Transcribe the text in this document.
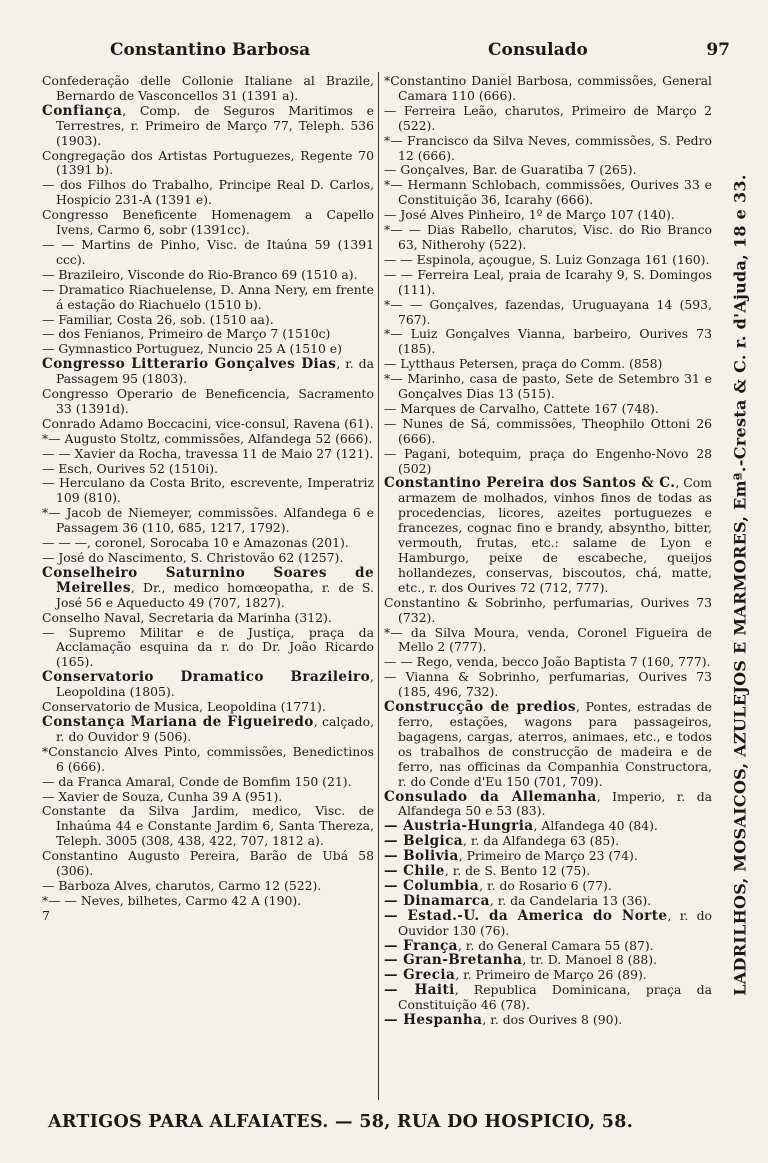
Constantino Barbosa	Consulado	97

Confederação delle Collonie Italiane al Brazile, Bernardo de Vasconcellos 31 (1391 a).

Confiança, Comp. de Seguros Maritimos e Terrestres, r. Primeiro de Março 77, Teleph. 536 (1903).

Congregação dos Artistas Portuguezes, Regente 70 (1391 b).

— dos Filhos do Trabalho, Principe Real D. Carlos, Hospicio 231-A (1391 e).

Congresso Beneficente Homenagem a Capello Ivens, Carmo 6, sobr (1391cc).

— — Martins de Pinho, Visc. de Itaúna 59 (1391 ccc).

— Brazileiro, Visconde do Rio-Branco 69 (1510 a).

— Dramatico Riachuelense, D. Anna Nery, em frente á estação do Riachuelo (1510 b).

— Familiar, Costa 26, sob. (1510 aa).

— dos Fenianos, Primeiro de Março 7 (1510c)

— Gymnastico Portuguez, Nuncio 25 A (1510 e)

Congresso Litterario Gonçalves Dias, r. da Passagem 95 (1803).

Congresso Operario de Beneficencia, Sacramento 33 (1391d).

Conrado Adamo Boccacini, vice-consul, Ravena (61).

*— Augusto Stoltz, commissões, Alfandega 52 (666).

— — Xavier da Rocha, travessa 11 de Maio 27 (121).

— Esch, Ourives 52 (1510i).

— Herculano da Costa Brito, escrevente, Imperatriz 109 (810).

*— Jacob de Niemeyer, commissões. Alfandega 6 e Passagem 36 (110, 685, 1217, 1792).

— — —, coronel, Sorocaba 10 e Amazonas (201).

— José do Nascimento, S. Christovão 62 (1257).

Conselheiro Saturnino Soares de Meirelles, Dr., medico homœopatha, r. de S. José 56 e Aqueducto 49 (707, 1827).

Conselho Naval, Secretaria da Marinha (312).

— Supremo Militar e de Justiça, praça da Acclamação esquina da r. do Dr. João Ricardo (165).

Conservatorio Dramatico Brazileiro, Leopoldina (1805).

Conservatorio de Musica, Leopoldina (1771).

Constança Mariana de Figueiredo, calçado, r. do Ouvidor 9 (506).

*Constancio Alves Pinto, commissões, Benedictinos 6 (666).

— da Franca Amaral, Conde de Bomfim 150 (21).

— Xavier de Souza, Cunha 39 A (951).

Constante da Silva Jardim, medico, Visc. de Inhaúma 44 e Constante Jardim 6, Santa Thereza, Teleph. 3005 (308, 438, 422, 707, 1812 a).

Constantino Augusto Pereira, Barão de Ubá 58 (306).

— Barboza Alves, charutos, Carmo 12 (522).

*— — Neves, bilhetes, Carmo 42 A (190).

7

*Constantino Daniel Barbosa, commissões, General Camara 110 (666).

— Ferreira Leão, charutos, Primeiro de Março 2 (522).

*— Francisco da Silva Neves, commissões, S. Pedro 12 (666).

— Gonçalves, Bar. de Guaratiba 7 (265).

*— Hermann Schlobach, commissões, Ourives 33 e Constituição 36, Icarahy (666).

— José Alves Pinheiro, 1º de Março 107 (140).

*— — Dias Rabello, charutos, Visc. do Rio Branco 63, Nitherohy (522).

— — Espinola, açougue, S. Luiz Gonzaga 161 (160).

— — Ferreira Leal, praia de Icarahy 9, S. Domingos (111).

*— — Gonçalves, fazendas, Uruguayana 14 (593, 767).

*— Luiz Gonçalves Vianna, barbeiro, Ourives 73 (185).

— Lytthaus Petersen, praça do Comm. (858)

*— Marinho, casa de pasto, Sete de Setembro 31 e Gonçalves Dias 13 (515).

— Marques de Carvalho, Cattete 167 (748).

— Nunes de Sá, commissões, Theophilo Ottoni 26 (666).

— Pagani, botequim, praça do Engenho-Novo 28 (502)

Constantino Pereira dos Santos & C., Com armazem de molhados, vinhos finos de todas as procedencias, licores, azeites portuguezes e francezes, cognac fino e brandy, absyntho, bitter, vermouth, frutas, etc.: salame de Lyon e Hamburgo, peixe de escabeche, queijos hollandezes, conservas, biscoutos, chá, matte, etc., r. dos Ourives 72 (712, 777).

Constantino & Sobrinho, perfumarias, Ourives 73 (732).

*— da Silva Moura, venda, Coronel Figueira de Mello 2 (777).

— — Rego, venda, becco João Baptista 7 (160, 777).

— Vianna & Sobrinho, perfumarias, Ourives 73 (185, 496, 732).

Construcção de predios, Pontes, estradas de ferro, estações, wagons para passageiros, bagagens, cargas, aterros, animaes, etc., e todos os trabalhos de construcção de madeira e de ferro, nas officinas da Companhia Constructora, r. do Conde d'Eu 150 (701, 709).

Consulado da Allemanha, Imperio, r. da Alfandega 50 e 53 (83).

— Austria-Hungria, Alfandega 40 (84).

— Belgica, r. da Alfandega 63 (85).

— Bolivia, Primeiro de Março 23 (74).

— Chile, r. de S. Bento 12 (75).

— Columbia, r. do Rosario 6 (77).

— Dinamarca, r. da Candelaria 13 (36).

— Estad.-U. da America do Norte, r. do Ouvidor 130 (76).

— França, r. do General Camara 55 (87).

— Gran-Bretanha, tr. D. Manoel 8 (88).

— Grecia, r. Primeiro de Março 26 (89).

— Haiti, Republica Dominicana, praça da Constituição 46 (78).

— Hespanha, r. dos Ourives 8 (90).

LADRILHOS, MOSAICOS, AZULEJOS E MARMORES, Emª.-Cresta & C. r. d'Ajuda, 18 e 33.
ARTIGOS PARA ALFAIATES. — 58, RUA DO HOSPICIO, 58.
